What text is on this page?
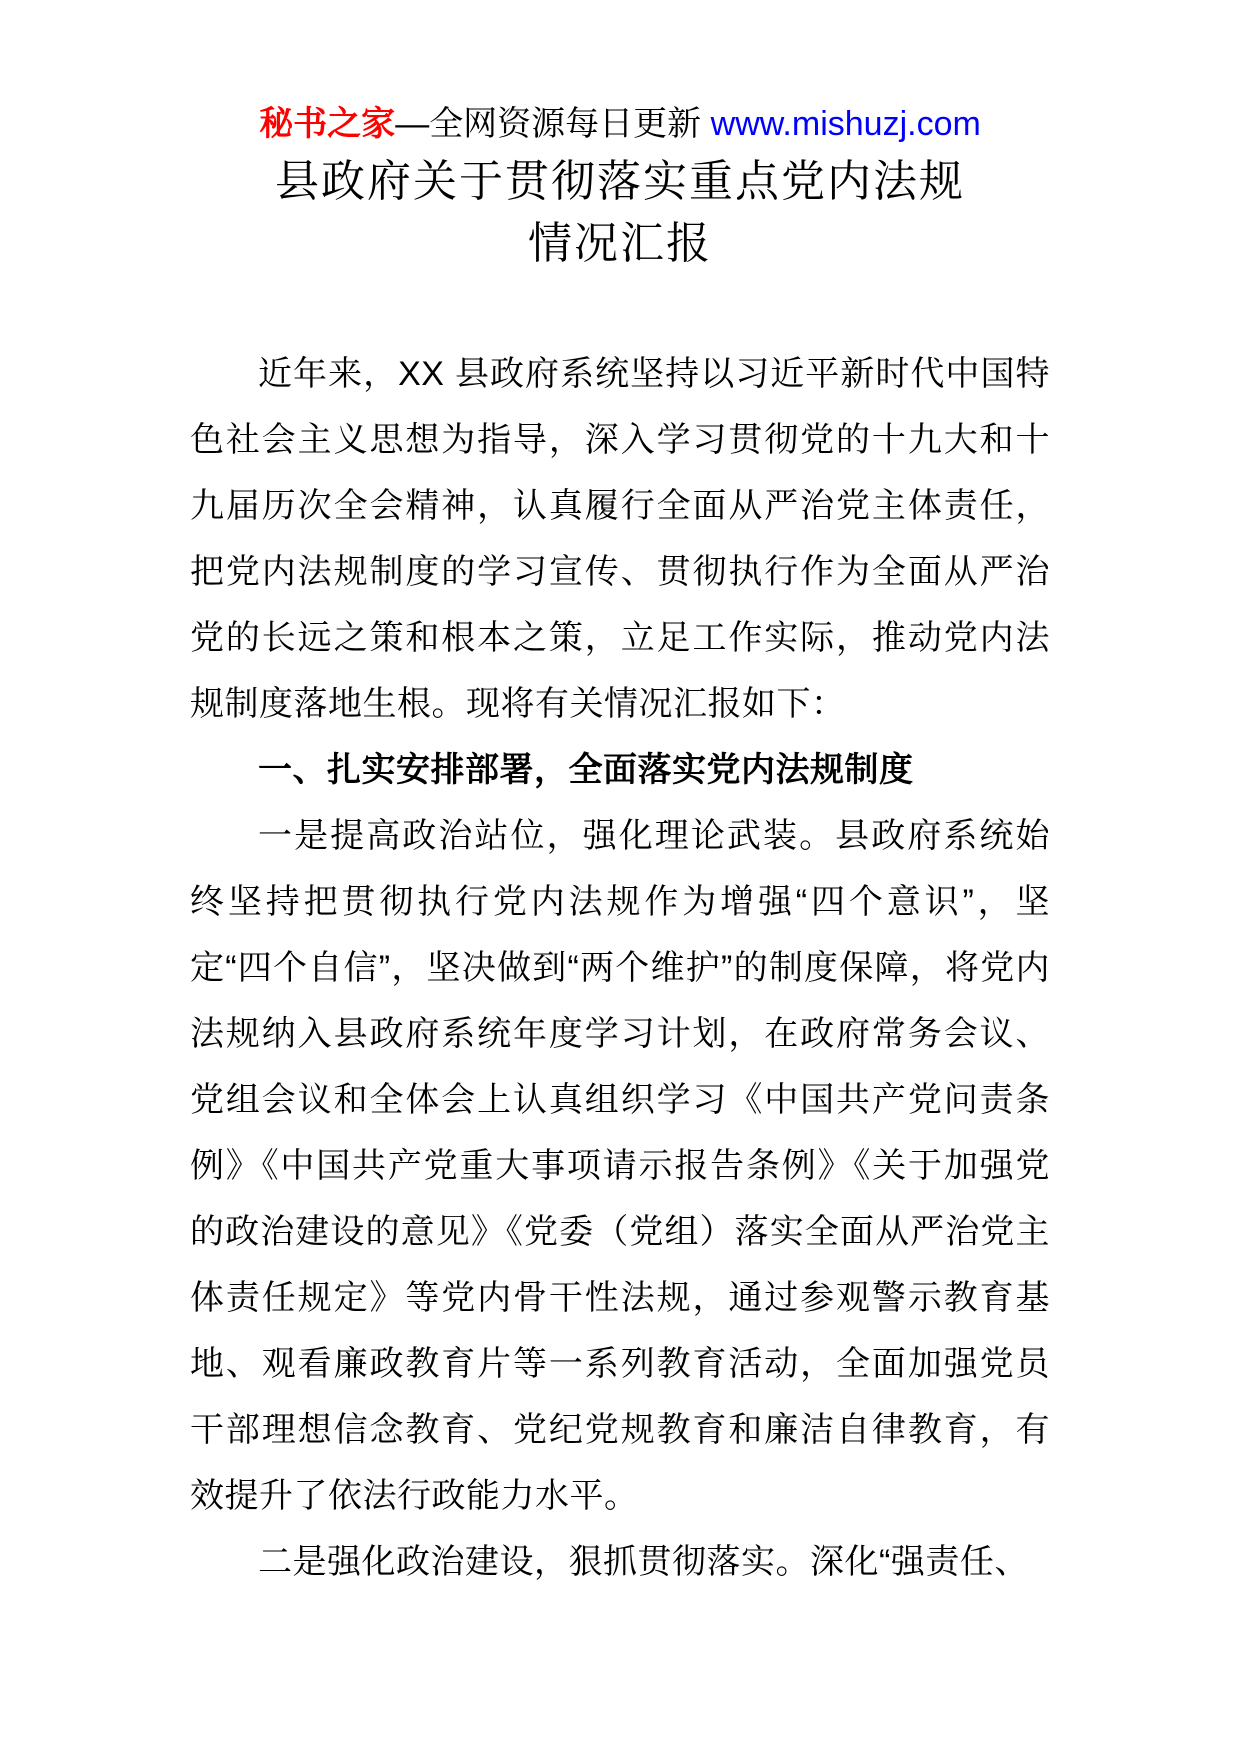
秘书之家—全网资源每日更新 www.mishuzj.com
县政府关于贯彻落实重点党内法规
情况汇报

近年来，XX 县政府系统坚持以习近平新时代中国特色社会主义思想为指导，深入学习贯彻党的十九大和十九届历次全会精神，认真履行全面从严治党主体责任，把党内法规制度的学习宣传、贯彻执行作为全面从严治党的长远之策和根本之策，立足工作实际，推动党内法规制度落地生根。现将有关情况汇报如下：

一、扎实安排部署，全面落实党内法规制度

一是提高政治站位，强化理论武装。县政府系统始终坚持把贯彻执行党内法规作为增强“四个意识”，坚定“四个自信”，坚决做到“两个维护”的制度保障，将党内法规纳入县政府系统年度学习计划，在政府常务会议、党组会议和全体会上认真组织学习《中国共产党问责条例》《中国共产党重大事项请示报告条例》《关于加强党的政治建设的意见》《党委（党组）落实全面从严治党主体责任规定》等党内骨干性法规，通过参观警示教育基地、观看廉政教育片等一系列教育活动，全面加强党员干部理想信念教育、党纪党规教育和廉洁自律教育，有效提升了依法行政能力水平。

二是强化政治建设，狠抓贯彻落实。深化“强责任、
